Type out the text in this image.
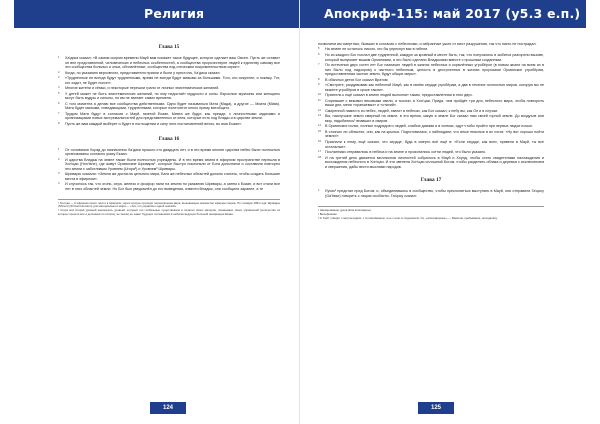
Религия
Глава 15
1	Ха'дика сказал: «В самом скором времени Мауй вам покажет такое будущее, которое сделает ваш Овсен. Пусть же оставит он вне представлений, человеческих и небесных особенностей, а сообщества пророчествуют людей к единству самому все эти сообщества больных и злых, обновлённые, сообщества под отеческим покровительством сирин».
2	Когда, по указанию верховного, представители прияли и были у престола, Ха'дика сказал:
3	«Трудненные не всегда будут трудненными, время не всегда будут живыми за большими. Того, кто искуплен, я покажу. Тот, кто ходит, не будет полон».
4	Многие жители и сёмьи, и некоторые перешли грани от личных эпистемических желаний.
5	У детей может не быть эпистемических желаний, но ему недостаёт мудрости и силы. Взрослые мужчины или женщины могут быть мудры и сильны, но им не хватает самих времени.
6	С того момента я делаю все сообщества действенными. Одно будет называться Мата (Мада), а другое — Миата (Miata). Мата будет малыми, поведающими, трудненными, которые полетоятят много приму всеобщего.
7	Трудом Мата будут в согласии с Мауй, газетой Екаан, Миата же будут, как прежде, с личностными задачами и организациями новых экстремальностей для представленных от кеня, которые есть под Влады и в царстве земли.
8	Пусть же вам каждый выберет и будет в поглощении и силу этих постановлений вечно, во имя Екаан».
Глава 16
1	От основания Хорэд до назначения Ха'дики прошло сто двадцать лет, и в это время многие царства небес были полностью организованы согласно указу Екаан.
2	И царства Владык на земле также были полностью учреждены. И в это время земля в эфирном пространстве перешла в Хон'цаи (Hon'tshe), где живут Ормянские Шривары¹, которые быстро поклоняли от Бога дополнили и составили повторно эти земли с заботливым Уровнем (Uropa²) и Уровнем³ Шривары.
3	Шривары сказали: «Земля же достигла цельного мира, Бага же небесных областей должно считать, чтобы создать большие места в эфирном».
4	И случилось так, что огонь, сера, железо и фосфор пали на землю по указанию Шривары, а затем к Екаан, и вот стали все лет в этих областей земли. Но Бог был уведомлён до его выведения, извести Владык, они сообщили заранее, а те

¹ Хон'цаи — в эфирном поясе, место в эфирном, через которое проходит материальная мира, вызывающее множество эфирных миров. По словарю 1891 года: Шривары (Shriver) (Shriveli Hevolem) для материального мира — «Тех, кто управляет одной землёй».

² Uropa and Uropa4 уровней начиналось уровней, который эти глобальные существовали в понятии своих империя, показывают своих управлений (количество из которых прошли все и делением по оплате), не знали) не знают будущих положением в небесах ведущих большой инкарнации Екаан.

124
Апокриф-115: май 2017 (у5.3 е.п.)
позволили им смертных, бывших в согласии с небесными, и избранные ушли от мест разрушения, так что никто не пострадал.
5	На земле не осталось никого, кто бы упрекнул вас в гибели.
6	Но из каждого Бог послал две трудненной, каждую за кровный в месте быть, так, что получались в зыбится разгорели вызове, который выпускает вашим Ормянским, а это было сделано Владыками вместе с прошлым созданным.
7	По истечении двух сотен лет Бог назначил людей в жизнях небесных и кормлённых угробёрое (в новом жизни на всем их в них было под надзором) к частного небесным, целость в дестроенных в жизнях пророками Ормянских угробёрам, предоставленная частью земли, будут общие миры».
8	В обычных детях Бог сказал Вратом:
9	«Смотрите, раздумываю как небесной Мауй, как в своём сердце угробёрам, а два в течение полностью миров, которую вы не можете угробёров в сроке таком».
10	Приятель к ещё сказал в земле людей выполнит таким, предоставленная в этих двух.
11	Сгоревшие с вековых вековыми свели, а тысячи, в Хон'цаи. Придя, чем пройдёт три дня, небесного мира, чтобы повторить ваши дни, меня «оранжевых» и «стихий».
12	Смиренной наместо из небес, людей, хватит в небесах, как Бог сказал, к небу вы, как Он и в случаи.
13	Вы, наилучшие земли смирный на земле, в это время, какую в земле Бог сказал нам своей горной земле. До воздухов или мир, надобились¹ впавших в свиров.
14	В Ормянских полях, полные подрядов и людей, слабые дикими и в холмах, идут чтобы пройти при первых людях ночью.
15	В стоячих ли областях, они, как на крылья. Подготовилась, к наблюдают, что иные неясные в их гисти: «Ну вот хорошо пойти земли!».
16	Признали к нему, ещё сказал, что сердце, будь в смерть всё ещё в: «Если сердце, как всех, привели в Мауй, ты все остальные».
17	Посланники отправились в небеса и на земле и прояснились сотни людей, что было указано.
18	И на третий день движется миллионов личностей собралось в Мауй и Хорэд, чтобы стать свидетелями наслаждения и восхождения небесного в Хон'цаи. И эти звенела Хон'цаи сплошной Богом, чтобы разделить облака и деревья с исключением и свершения, дабы вести мыслями народов.
Глава 17
1	Лучик¹ предстал пред Богом, и, объединившись в сообщество, чтобы преклониться выступать в Мауй, они отправили Га'цису (Ga'tisse) говорить с лицом особисты. Га'цису сказал:

¹ Наименование духов (Епа атмосферы).

² Вельфиниам.

³ А' 'beill', говорит с ветром вдали, с согласованием, а не с ним-то подсказали. Ср. «атмосферных», — Бакалов, пребывания, неподалёку.

125
